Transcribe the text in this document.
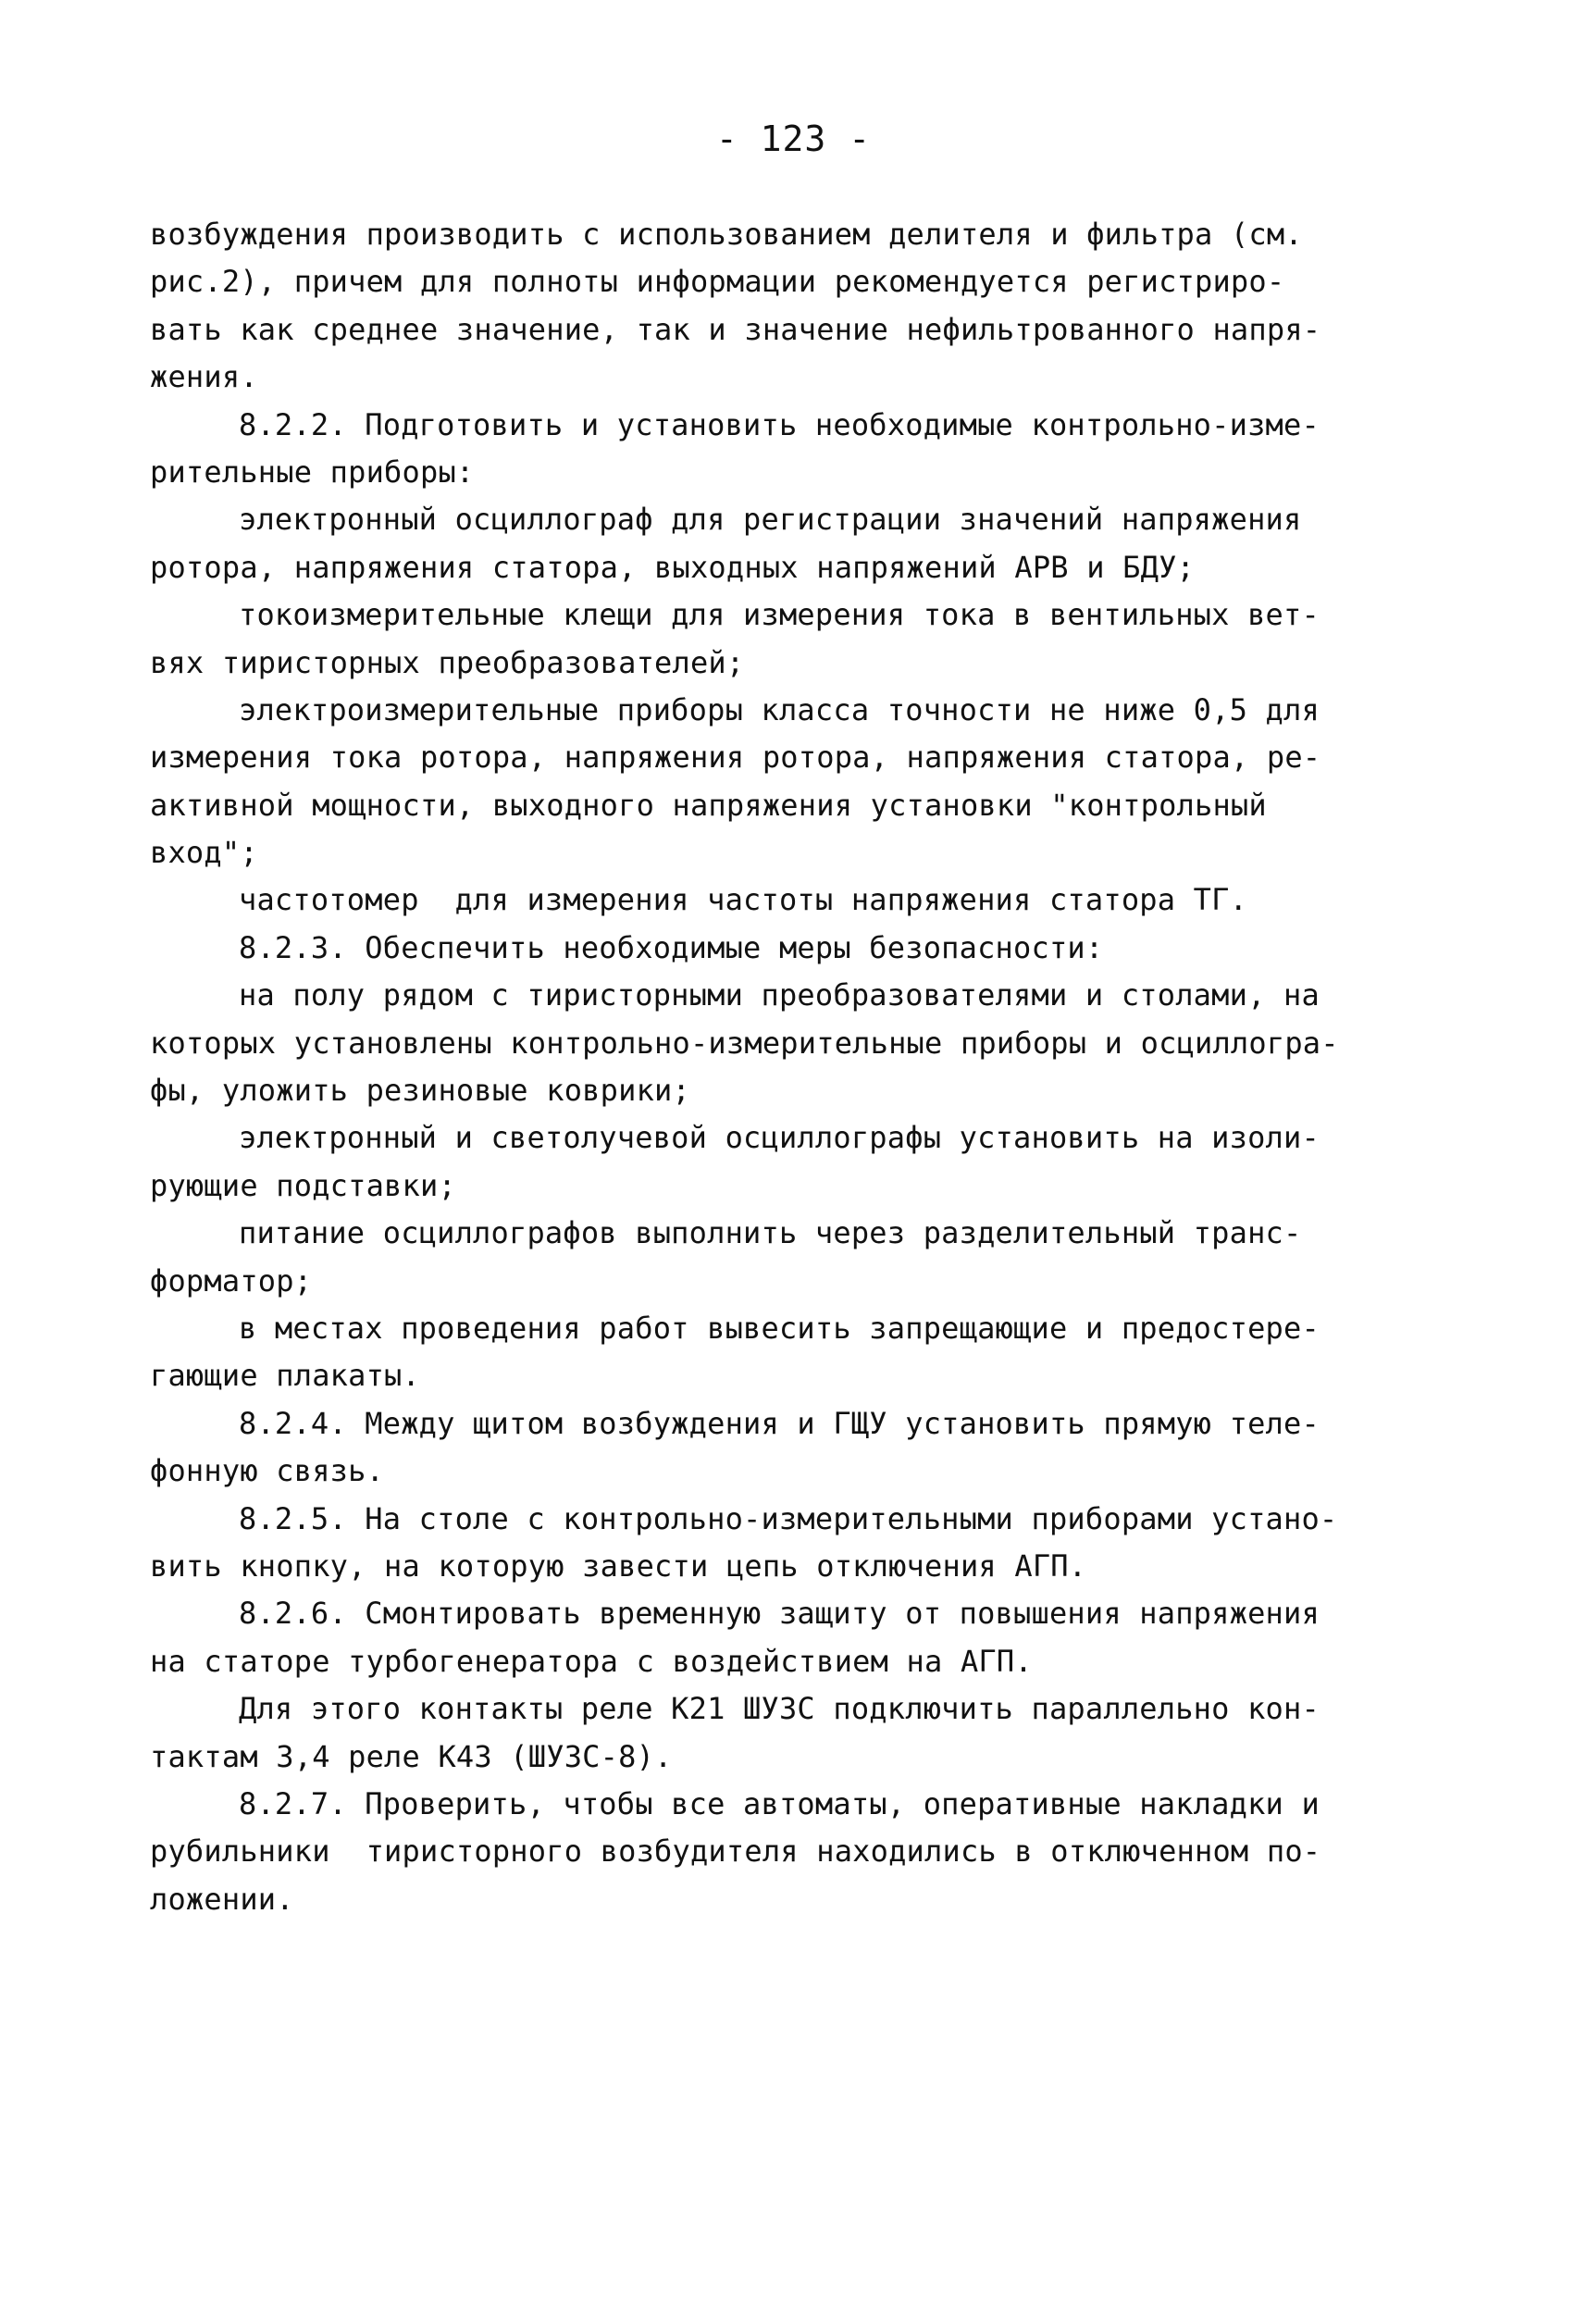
- 123 -
возбуждения производить с использованием делителя и фильтра (см.
рис.2), причем для полноты информации рекомендуется регистриро-
вать как среднее значение, так и значение нефильтрованного напря-
жения.
8.2.2. Подготовить и установить необходимые контрольно-изме-
рительные приборы:
электронный осциллограф для регистрации значений напряжения
ротора, напряжения статора, выходных напряжений АРВ и БДУ;
токоизмерительные клещи для измерения тока в вентильных вет-
вях тиристорных преобразователей;
электроизмерительные приборы класса точности не ниже 0,5 для
измерения тока ротора, напряжения ротора, напряжения статора, ре-
активной мощности, выходного напряжения установки "контрольный
вход";
частотомер  для измерения частоты напряжения статора ТГ.
8.2.3. Обеспечить необходимые меры безопасности:
на полу рядом с тиристорными преобразователями и столами, на
которых установлены контрольно-измерительные приборы и осциллогра-
фы, уложить резиновые коврики;
электронный и светолучевой осциллографы установить на изоли-
рующие подставки;
питание осциллографов выполнить через разделительный транс-
форматор;
в местах проведения работ вывесить запрещающие и предостере-
гающие плакаты.
8.2.4. Между щитом возбуждения и ГЩУ установить прямую теле-
фонную связь.
8.2.5. На столе с контрольно-измерительными приборами устано-
вить кнопку, на которую завести цепь отключения АГП.
8.2.6. Смонтировать временную защиту от повышения напряжения
на статоре турбогенератора с воздействием на АГП.
Для этого контакты реле К21 ШУЗС подключить параллельно кон-
тактам 3,4 реле К43 (ШУЗС-8).
8.2.7. Проверить, чтобы все автоматы, оперативные накладки и
рубильники  тиристорного возбудителя находились в отключенном по-
ложении.
